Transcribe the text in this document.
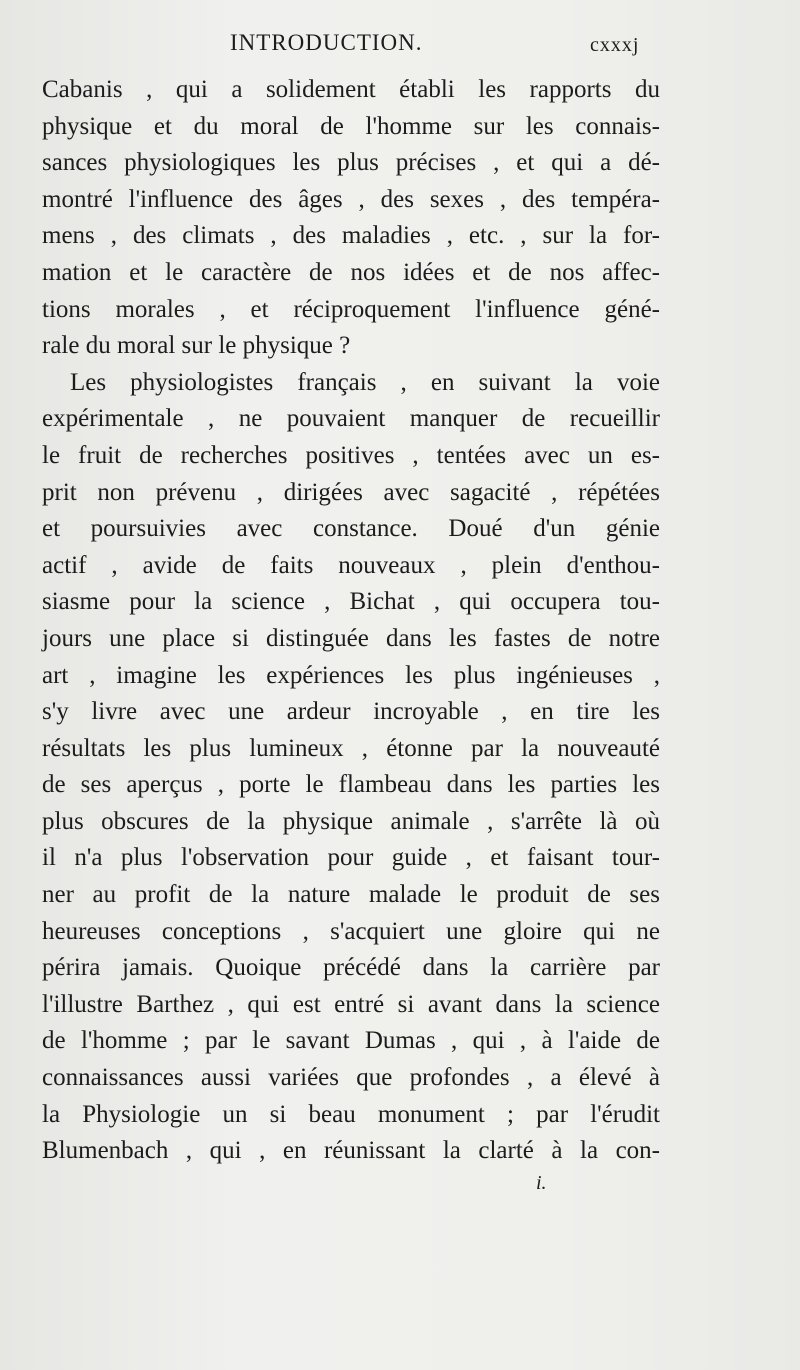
INTRODUCTION.	cxxxj
Cabanis , qui a solidement établi les rapports du
physique et du moral de l'homme sur les connais-
sances physiologiques les plus précises , et qui a dé-
montré l'influence des âges , des sexes , des tempéra-
mens , des climats , des maladies , etc. , sur la for-
mation et le caractère de nos idées et de nos affec-
tions morales , et réciproquement l'influence géné-
rale du moral sur le physique ?
Les physiologistes français , en suivant la voie
expérimentale , ne pouvaient manquer de recueillir
le fruit de recherches positives , tentées avec un es-
prit non prévenu , dirigées avec sagacité , répétées
et poursuivies avec constance. Doué d'un génie
actif , avide de faits nouveaux , plein d'enthou-
siasme pour la science , Bichat , qui occupera tou-
jours une place si distinguée dans les fastes de notre
art , imagine les expériences les plus ingénieuses ,
s'y livre avec une ardeur incroyable , en tire les
résultats les plus lumineux , étonne par la nouveauté
de ses aperçus , porte le flambeau dans les parties les
plus obscures de la physique animale , s'arrête là où
il n'a plus l'observation pour guide , et faisant tour-
ner au profit de la nature malade le produit de ses
heureuses conceptions , s'acquiert une gloire qui ne
périra jamais. Quoique précédé dans la carrière par
l'illustre Barthez , qui est entré si avant dans la science
de l'homme ; par le savant Dumas , qui , à l'aide de
connaissances aussi variées que profondes , a élevé à
la Physiologie un si beau monument ; par l'érudit
Blumenbach , qui , en réunissant la clarté à la con-
i.
